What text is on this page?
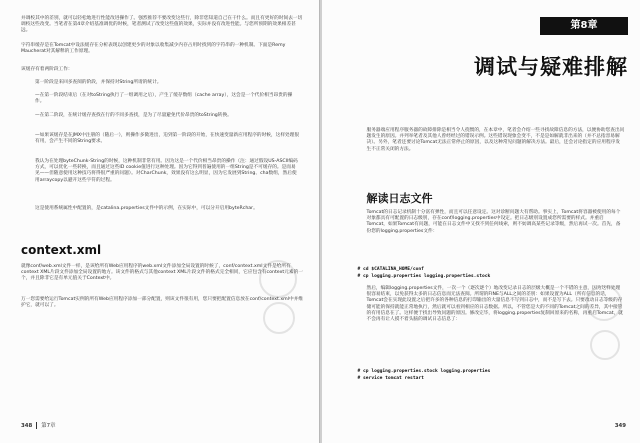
并调校其中的差别，就可以轻松地进行性能改进操作了。强烈推荐不要改变这些行，除非您知道自己在干什么。而且有更好的时间去一切调校这些改变。当笔者在第4章介绍基准调优的时候，笔者测试了改变这些值的效果，实际并没有改进性能。与您所预期的效果相差甚远。
字符串缓存是在Tomcat中设法缓存在分析表现以创建更少的对象以收集减少内存占用时找到的字符串的一种机制。下面是Remy Maucherat对其解释的工作原理。
该缓存有着两阶段工作：
第一阶段是来回多查阅的阶段，并保持对String所请的统计。
—在第一阶段结束后（在对toString执行了一组调用之后），产生了缓存数组（cache array），这会是一个代价相当昂贵的操作。
—在第二阶段，在统计缓存查找在行的不同多查找，是为了尽量避免代价昂贵的toString转换。
—如果该缓存是在JMX中注册的（随后一），则操作多微进出，迫到第一阶段的开始，在快速变量新应用程序的时候，这样处理很有用，会产生不同的String要求。
我认为在处理byteChunk-String的时候，这种机制非常有用。因为这是一个代价相当昂贵的操作（注：通过假设US-ASCII编码方式，可以优化一些转换，而且通过这些ID cookie值进行这种处理。因为它得到普遍使用的一组String是不可缓存的。是而易见——但随意使用这种技巧将得很严重的问题）。对CharChunk，效果没有这么明显，因为它发展到String、cha数组，然后使用arraycopy以避开这些字符的过程。
这是使用系统属性中配置的，是catalina.properties文件中的示例，在实际中，可以分开启用byteRchar。
context.xml
就像conf/web.xml文件一样，是该给所有Web应用程序的web.xml文件添加全局设置的时候了，conf/context.xml文件是给所有context XML片段文件添加全局设置的地方。该文件的格式与其他context XML片段文件的格式完全相同，它应包含有context元素的一个，并且除非它是有单元值关于Context中。
万一您需要给运行Tomcat实例的所有Web应用程序添加一部分配置，则该文件很有用，您只要把配置信息放在conf/context.xml中并维护它，就可以了。
348 第7章
第8章
调试与疑难排解
服务器端应用程序服务器的故障排除是相当令人挠惯的，在本章中，笔者会介绍一些寻找故障信息的方法，以便协助您查出问题发生的原因。并列举笔者及其他人曾经经过的错误示例。这些错误现象会变不，不是是如解就非出来的（并不总指容易解决）。另外，笔者还要讨论Tomcat无法正常停止的原因，以及这种常见问题的解决方法。最后，还会讨论指定的应用程序发生不正常关闭的方法。
解读日志文件
Tomcat的日志记录机制十分富有弹性，而且可以任意设定。这对诊断问题大有帮助。事实上，Tomcat将容器被使用的每个对象都具有可配置的日志级别，存在conf/logging.properties中设定。把日志级别设置成您所需要的样式。并重启Tomcat，如果Tomcat有问题，可能在日志文件中又找不到任何线索，则不妨调高某些记录等级，然后再试一次。首先，备份您的logging.properties文件：
# cd $CATALINA_HOME/conf
# cp logging.properties logging.properties.stock
然后，编辑logging.properties文件，一次一个（逐次逐个）地改变记录日志的层级大概是一个不错的主意，因为这样处理很容易结束，以免获得太多的日志信息而无法查阅。所谓的FINE与ALL之间的差别：如果设置为ALL（所有信息的话，Tomcat会在实现此设置之后把许多的各种信息的打印输出的大量信息不写到日志中，而不是写下去。只要改动日志等级的存储可能的保持就能正常地执行，然后就可以看到相应的日志数据。所以，不管您是大的不同的Tomcat之间的差异，其中接管的有用信息在了。这样便于找出导致问题的原因。修改完毕，将logging.properties复制回原来的名称，再重启Tomcat，就不会再有让人摸不着头脑的调试日志信息了：
# cp logging.properties.stock logging.properties
# service tomcat restart
349
